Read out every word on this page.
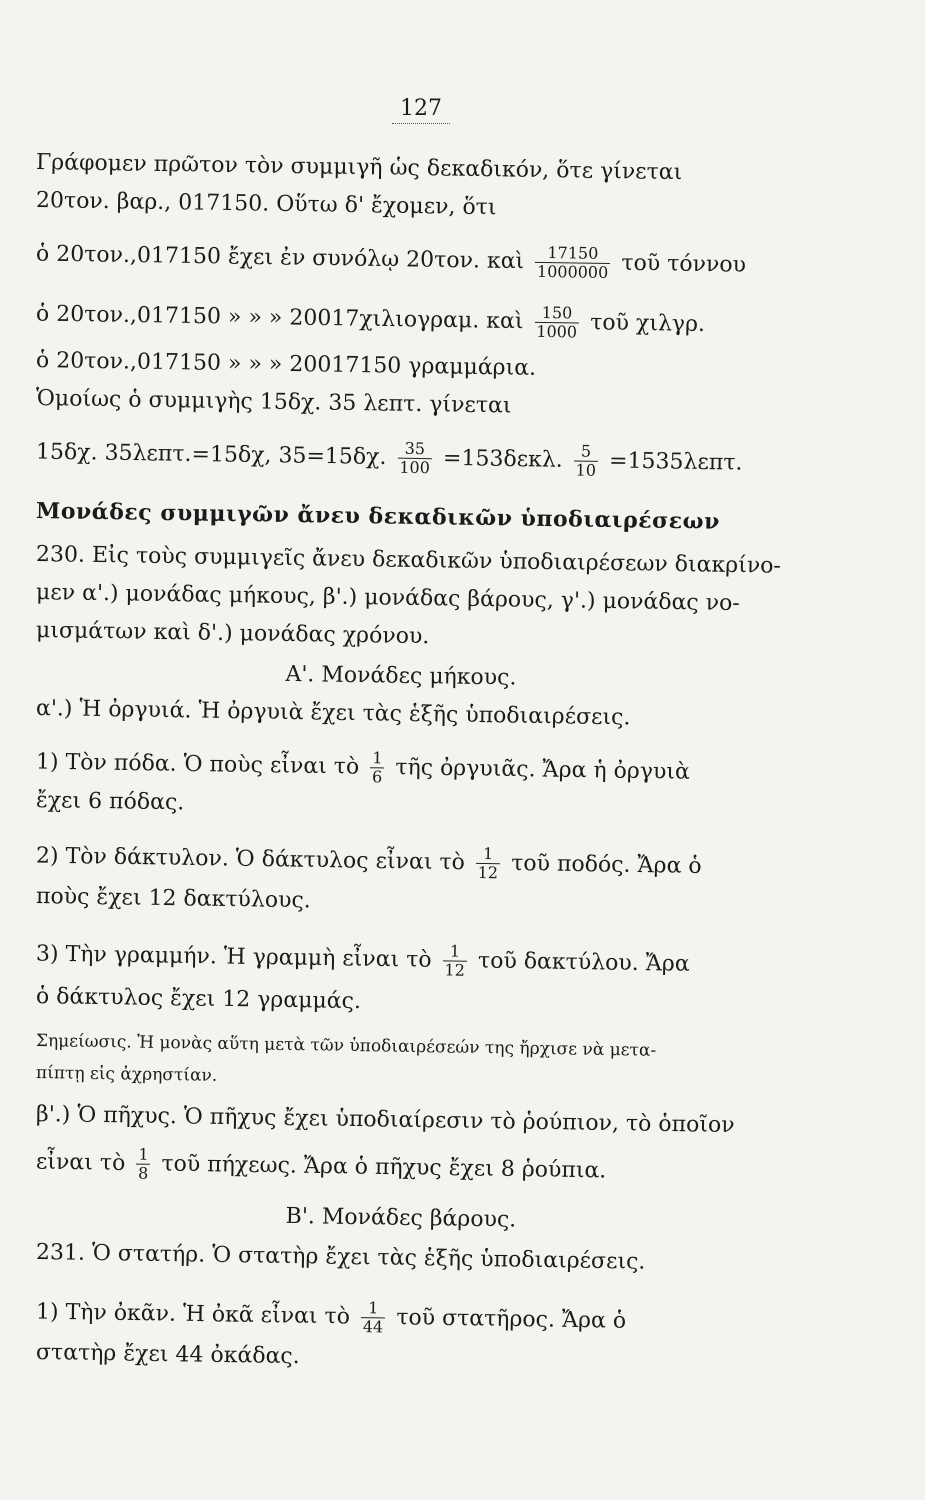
127

Γράφομεν πρῶτον τὸν συμμιγῆ ὡς δεκαδικόν, ὅτε γίνεται

20τον. βαρ., 017150. Οὕτω δ' ἔχομεν, ὅτι

ὁ 20τον.,017150 ἔχει ἐν συνόλῳ 20τον. καὶ $\frac{17150}{1000000}$ τοῦ τόννου

ὁ 20τον.,017150 » » » 20017χιλιογραμ. καὶ $\frac{150}{1000}$ τοῦ χιλγρ.

ὁ 20τον.,017150 » » » 20017150 γραμμάρια.

Ὁμοίως ὁ συμμιγὴς 15δχ. 35 λεπτ. γίνεται

15δχ. 35λεπτ.=15δχ, 35=15δχ. $\frac{35}{100} =153\delta\varepsilon\kappa\lambda$. $\frac{5}{10} =1535\lambda\varepsilon\pi\tau$.

Μονάδες συμμιγῶν ἄνευ δεκαδικῶν ὑποδιαιρέσεων

230. Εἰς τοὺς συμμιγεῖς ἄνευ δεκαδικῶν ὑποδιαιρέσεων διακρίνο-

μεν α'.) μονάδας μήκους, β'.) μονάδας βάρους, γ'.) μονάδας νο-

μισμάτων καὶ δ'.) μονάδας χρόνου.

Α'. Μονάδες μήκους.

α'.) Ἡ ὀργυιά. Ἡ ὀργυιὰ ἔχει τὰς ἑξῆς ὑποδιαιρέσεις.

1) Τὸν πόδα. Ὁ ποὺς εἶναι τὸ $\frac{1}{6}$ τῆς ὀργυιᾶς. Ἄρα ἡ ὀργυιὰ

ἔχει 6 πόδας.

2) Τὸν δάκτυλον. Ὁ δάκτυλος εἶναι τὸ $\frac{1}{12}$ τοῦ ποδός. Ἄρα ὁ

ποὺς ἔχει 12 δακτύλους.

3) Τὴν γραμμήν. Ἡ γραμμὴ εἶναι τὸ $\frac{1}{12}$ τοῦ δακτύλου. Ἄρα

ὁ δάκτυλος ἔχει 12 γραμμάς.

Σημείωσις. Ἡ μονὰς αὕτη μετὰ τῶν ὑποδιαιρέσεών της ἤρχισε νὰ μετα-

πίπτῃ εἰς ἀχρηστίαν.

β'.) Ὁ πῆχυς. Ὁ πῆχυς ἔχει ὑποδιαίρεσιν τὸ ῥούπιον, τὸ ὁποῖον

εἶναι τὸ $\frac{1}{8}$ τοῦ πήχεως. Ἄρα ὁ πῆχυς ἔχει 8 ῥούπια.

Β'. Μονάδες βάρους.

231. Ὁ στατήρ. Ὁ στατὴρ ἔχει τὰς ἑξῆς ὑποδιαιρέσεις.

1) Τὴν ὀκᾶν. Ἡ ὀκᾶ εἶναι τὸ $\frac{1}{44}$ τοῦ στατῆρος. Ἄρα ὁ

στατὴρ ἔχει 44 ὀκάδας.
